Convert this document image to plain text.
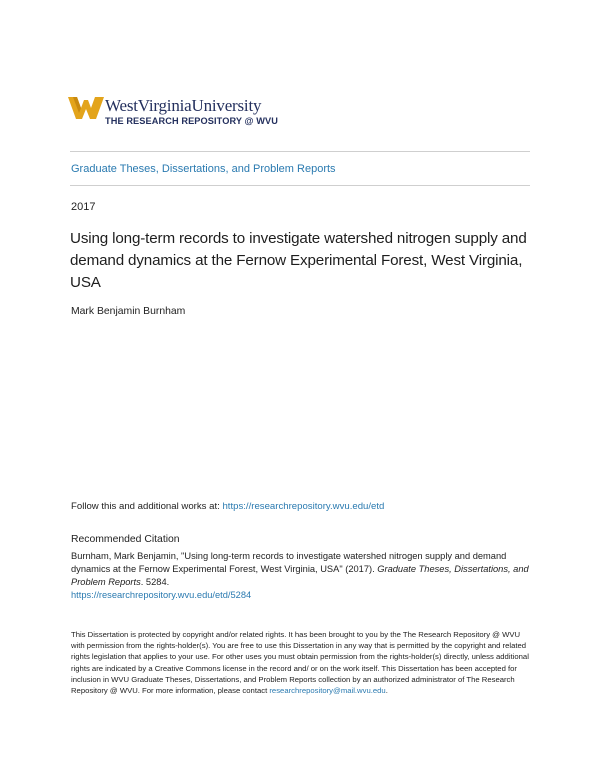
WestVirginiaUniversity
THE RESEARCH REPOSITORY @ WVU
Graduate Theses, Dissertations, and Problem Reports
2017
Using long-term records to investigate watershed nitrogen supply and demand dynamics at the Fernow Experimental Forest, West Virginia, USA
Mark Benjamin Burnham
Follow this and additional works at: https://researchrepository.wvu.edu/etd
Recommended Citation
Burnham, Mark Benjamin, "Using long-term records to investigate watershed nitrogen supply and demand dynamics at the Fernow Experimental Forest, West Virginia, USA" (2017). Graduate Theses, Dissertations, and Problem Reports. 5284.
https://researchrepository.wvu.edu/etd/5284
This Dissertation is protected by copyright and/or related rights. It has been brought to you by the The Research Repository @ WVU with permission from the rights-holder(s). You are free to use this Dissertation in any way that is permitted by the copyright and related rights legislation that applies to your use. For other uses you must obtain permission from the rights-holder(s) directly, unless additional rights are indicated by a Creative Commons license in the record and/ or on the work itself. This Dissertation has been accepted for inclusion in WVU Graduate Theses, Dissertations, and Problem Reports collection by an authorized administrator of The Research Repository @ WVU. For more information, please contact researchrepository@mail.wvu.edu.
